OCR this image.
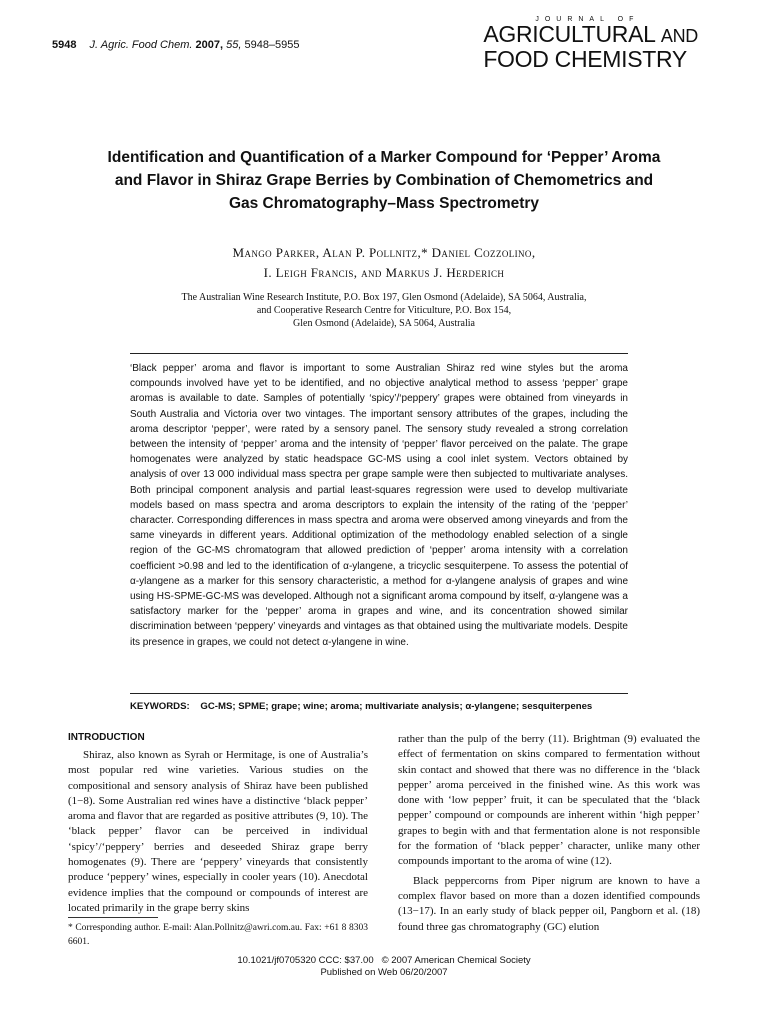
5948 J. Agric. Food Chem. 2007, 55, 5948–5955
JOURNAL OF
AGRICULTURAL AND
FOOD CHEMISTRY
Identification and Quantification of a Marker Compound for ‘Pepper’ Aroma and Flavor in Shiraz Grape Berries by Combination of Chemometrics and Gas Chromatography–Mass Spectrometry
Mango Parker, Alan P. Pollnitz,* Daniel Cozzolino,
I. Leigh Francis, and Markus J. Herderich
The Australian Wine Research Institute, P.O. Box 197, Glen Osmond (Adelaide), SA 5064, Australia,
and Cooperative Research Centre for Viticulture, P.O. Box 154,
Glen Osmond (Adelaide), SA 5064, Australia
‘Black pepper’ aroma and flavor is important to some Australian Shiraz red wine styles but the aroma compounds involved have yet to be identified, and no objective analytical method to assess ‘pepper’ grape aromas is available to date. Samples of potentially ‘spicy’/‘peppery’ grapes were obtained from vineyards in South Australia and Victoria over two vintages. The important sensory attributes of the grapes, including the aroma descriptor ‘pepper’, were rated by a sensory panel. The sensory study revealed a strong correlation between the intensity of ‘pepper’ aroma and the intensity of ‘pepper’ flavor perceived on the palate. The grape homogenates were analyzed by static headspace GC-MS using a cool inlet system. Vectors obtained by analysis of over 13 000 individual mass spectra per grape sample were then subjected to multivariate analyses. Both principal component analysis and partial least-squares regression were used to develop multivariate models based on mass spectra and aroma descriptors to explain the intensity of the rating of the ‘pepper’ character. Corresponding differences in mass spectra and aroma were observed among vineyards and from the same vineyards in different years. Additional optimization of the methodology enabled selection of a single region of the GC-MS chromatogram that allowed prediction of ‘pepper’ aroma intensity with a correlation coefficient >0.98 and led to the identification of α-ylangene, a tricyclic sesquiterpene. To assess the potential of α-ylangene as a marker for this sensory characteristic, a method for α-ylangene analysis of grapes and wine using HS-SPME-GC-MS was developed. Although not a significant aroma compound by itself, α-ylangene was a satisfactory marker for the ‘pepper’ aroma in grapes and wine, and its concentration showed similar discrimination between ‘peppery’ vineyards and vintages as that obtained using the multivariate models. Despite its presence in grapes, we could not detect α-ylangene in wine.
KEYWORDS: GC-MS; SPME; grape; wine; aroma; multivariate analysis; α-ylangene; sesquiterpenes
INTRODUCTION

Shiraz, also known as Syrah or Hermitage, is one of Australia’s most popular red wine varieties. Various studies on the compositional and sensory analysis of Shiraz have been published (1−8). Some Australian red wines have a distinctive ‘black pepper’ aroma and flavor that are regarded as positive attributes (9, 10). The ‘black pepper’ flavor can be perceived in individual ‘spicy’/‘peppery’ berries and deseeded Shiraz grape berry homogenates (9). There are ‘peppery’ vineyards that consistently produce ‘peppery’ wines, especially in cooler years (10). Anecdotal evidence implies that the compound or compounds of interest are located primarily in the grape berry skins

rather than the pulp of the berry (11). Brightman (9) evaluated the effect of fermentation on skins compared to fermentation without skin contact and showed that there was no difference in the ‘black pepper’ aroma perceived in the finished wine. As this work was done with ‘low pepper’ fruit, it can be speculated that the ‘black pepper’ compound or compounds are inherent within ‘high pepper’ grapes to begin with and that fermentation alone is not responsible for the formation of ‘black pepper’ character, unlike many other compounds important to the aroma of wine (12).

Black peppercorns from Piper nigrum are known to have a complex flavor based on more than a dozen identified compounds (13−17). In an early study of black pepper oil, Pangborn et al. (18) found three gas chromatography (GC) elution

* Corresponding author. E-mail: Alan.Pollnitz@awri.com.au. Fax: +61 8 8303 6601.
10.1021/jf0705320 CCC: $37.00 © 2007 American Chemical Society
Published on Web 06/20/2007
